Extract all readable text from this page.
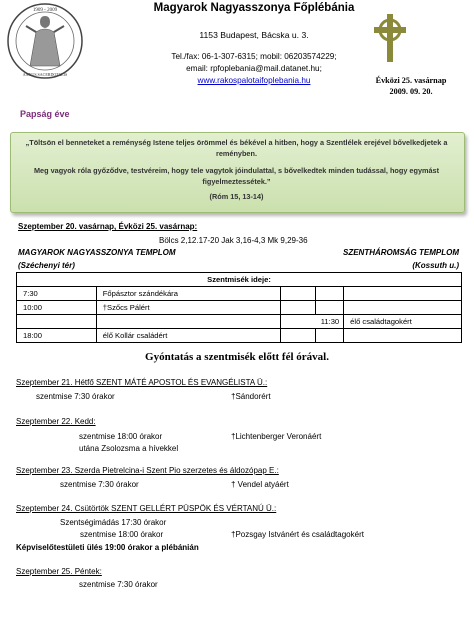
1909 - 2009
ANNUS SACERDOTALIS
Magyarok Nagyasszonya Főplébánia
1153 Budapest, Bácska u. 3.
Tel./fax: 06-1-307-6315; mobil: 06203574229;
email: rpfoplebania@mail.datanet.hu;
www.rakospalotaifoplebania.hu	Évközi 25. vasárnap
2009. 09. 20.
Papság éve
„Töltsön el benneteket a reménység Istene teljes örömmel és békével a hitben, hogy a Szentlélek erejével bővelkedjetek a reményben.
Meg vagyok róla győződve, testvéreim, hogy tele vagytok jóindulattal, s bővelkedtek minden tudással, hogy egymást figyelmeztessétek.”
(Róm 15, 13-14)
Szeptember 20. vasárnap, Évközi 25. vasárnap:
Bölcs 2,12.17-20 Jak 3,16-4,3 Mk 9,29-36
MAGYAROK NAGYASSZONYA TEMPLOM	SZENTHÁROMSÁG TEMPLOM
(Széchenyi tér)	(Kossuth u.)
Szentmisék ideje:				
7:30	Főpásztor szándékára			
10:00	†Szőcs Pálért			
		11:30		élő családtagokért
18:00	élő Kollár családért			
Gyóntatás a szentmisék előtt fél órával.
Szeptember 21. Hétfő SZENT MÁTÉ APOSTOL ÉS EVANGÉLISTA Ü.:
szentmise 7:30 órakor	†Sándorért
Szeptember 22. Kedd:
szentmise 18:00 órakor	†Lichtenberger Veronáért
utána Zsolozsma a hívekkel
Szeptember 23. Szerda Pietrelcina-i Szent Pio szerzetes és áldozópap E.:
szentmise 7:30 órakor	† Vendel atyáért
Szeptember 24. Csütörtök SZENT GELLÉRT PÜSPÖK ÉS VÉRTANÚ Ü.:
Szentségimádás 17:30 órakor
szentmise 18:00 órakor	†Pozsgay Istvánért és családtagokért
Képviselőtestületi ülés 19:00 órakor a plébánián
Szeptember 25. Péntek:
szentmise 7:30 órakor
